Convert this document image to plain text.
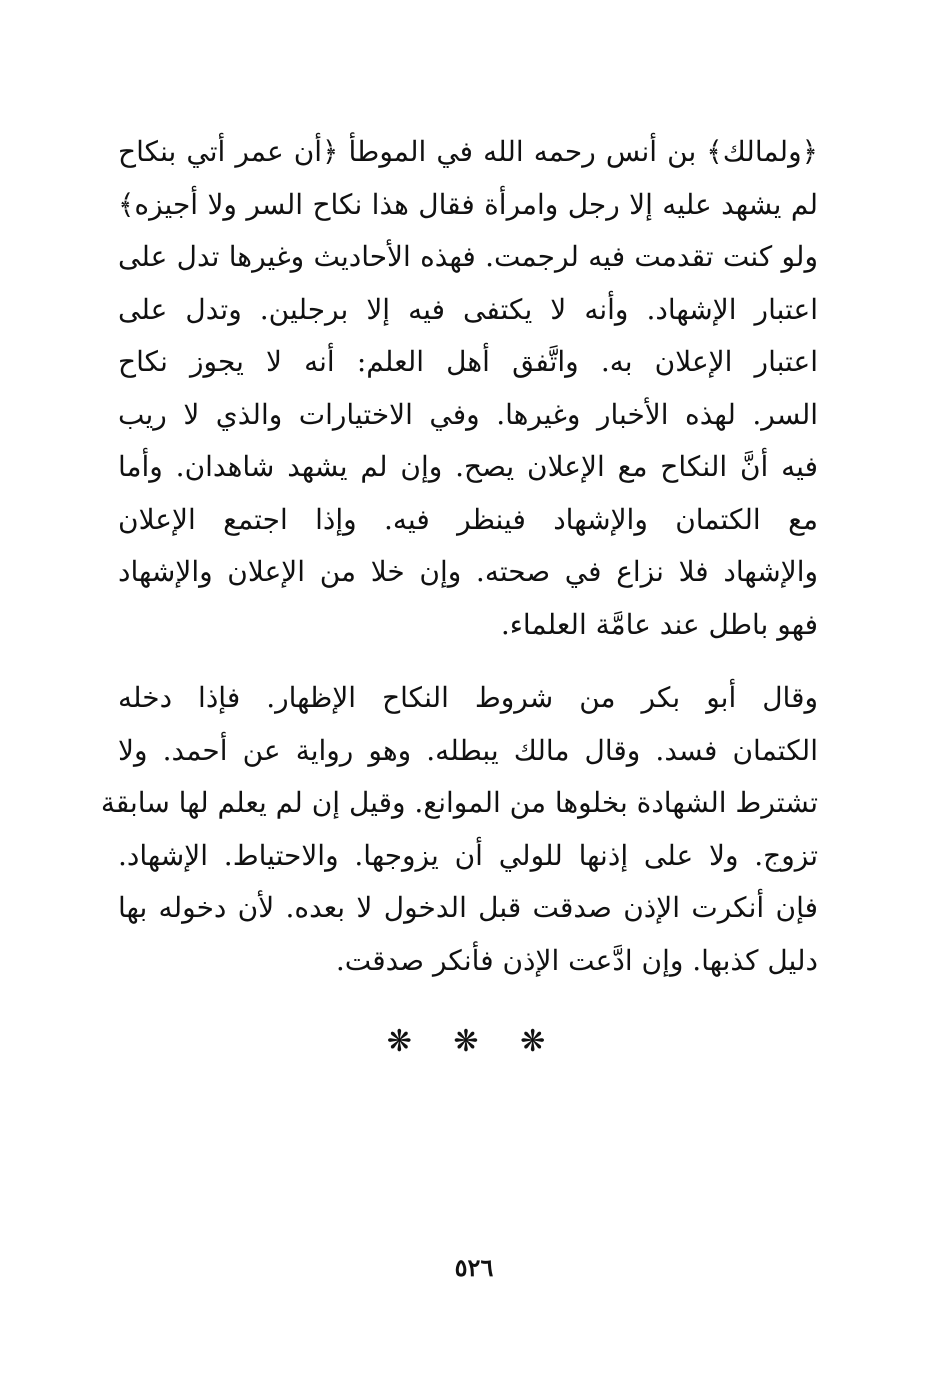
﴿ولمالك﴾ بن أنس رحمه الله في الموطأ ﴿أن عمر أتي بنكاح
لم يشهد عليه إلا رجل وامرأة فقال هذا نكاح السر ولا أجيزه﴾
ولو كنت تقدمت فيه لرجمت. فهذه الأحاديث وغيرها تدل على
اعتبار الإشهاد. وأنه لا يكتفى فيه إلا برجلين. وتدل على
اعتبار الإعلان به. واتَّفق أهل العلم: أنه لا يجوز نكاح
السر. لهذه الأخبار وغيرها. وفي الاختيارات والذي لا ريب
فيه أنَّ النكاح مع الإعلان يصح. وإن لم يشهد شاهدان. وأما
مع الكتمان والإشهاد فينظر فيه. وإذا اجتمع الإعلان
والإشهاد فلا نزاع في صحته. وإن خلا من الإعلان والإشهاد
فهو باطل عند عامَّة العلماء.
وقال أبو بكر من شروط النكاح الإظهار. فإذا دخله
الكتمان فسد. وقال مالك يبطله. وهو رواية عن أحمد. ولا
تشترط الشهادة بخلوها من الموانع. وقيل إن لم يعلم لها سابقة
تزوج. ولا على إذنها للولي أن يزوجها. والاحتياط. الإشهاد.
فإن أنكرت الإذن صدقت قبل الدخول لا بعده. لأن دخوله بها
دليل كذبها. وإن ادَّعت الإذن فأنكر صدقت.
❋ ❋ ❋
٥٢٦
